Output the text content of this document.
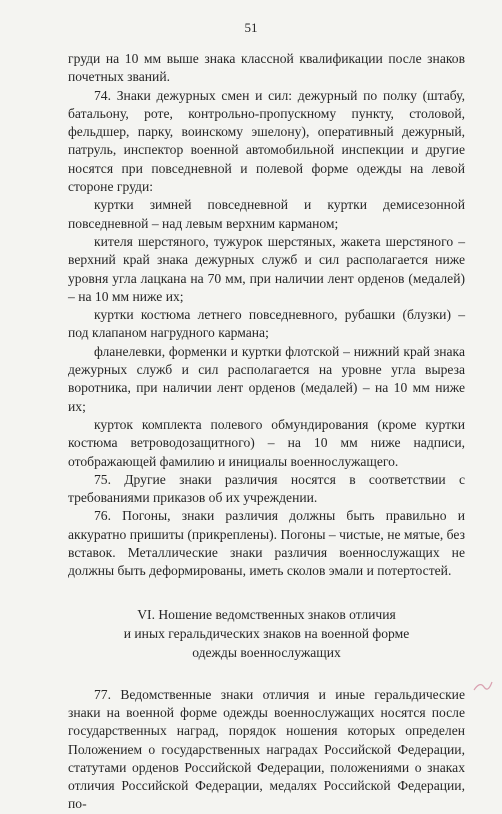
51

груди на 10 мм выше знака классной квалификации после знаков почетных званий.

74. Знаки дежурных смен и сил: дежурный по полку (штабу, батальону, роте, контрольно-пропускному пункту, столовой, фельдшер, парку, воинскому эшелону), оперативный дежурный, патруль, инспектор военной автомобильной инспекции и другие носятся при повседневной и полевой форме одежды на левой стороне груди:

куртки зимней повседневной и куртки демисезонной повседневной – над левым верхним карманом;

кителя шерстяного, тужурок шерстяных, жакета шерстяного – верхний край знака дежурных служб и сил располагается ниже уровня угла лацкана на 70 мм, при наличии лент орденов (медалей) – на 10 мм ниже их;

куртки костюма летнего повседневного, рубашки (блузки) – под клапаном нагрудного кармана;

фланелевки, форменки и куртки флотской – нижний край знака дежурных служб и сил располагается на уровне угла выреза воротника, при наличии лент орденов (медалей) – на 10 мм ниже их;

курток комплекта полевого обмундирования (кроме куртки костюма ветроводозащитного) – на 10 мм ниже надписи, отображающей фамилию и инициалы военнослужащего.

75. Другие знаки различия носятся в соответствии с требованиями приказов об их учреждении.

76. Погоны, знаки различия должны быть правильно и аккуратно пришиты (прикреплены). Погоны – чистые, не мятые, без вставок. Металлические знаки различия военнослужащих не должны быть деформированы, иметь сколов эмали и потертостей.

VI. Ношение ведомственных знаков отличия
и иных геральдических знаков на военной форме
одежды военнослужащих

77. Ведомственные знаки отличия и иные геральдические знаки на военной форме одежды военнослужащих носятся после государственных наград, порядок ношения которых определен Положением о государственных наградах Российской Федерации, статутами орденов Российской Федерации, положениями о знаках отличия Российской Федерации, медалях Российской Федерации, по-
